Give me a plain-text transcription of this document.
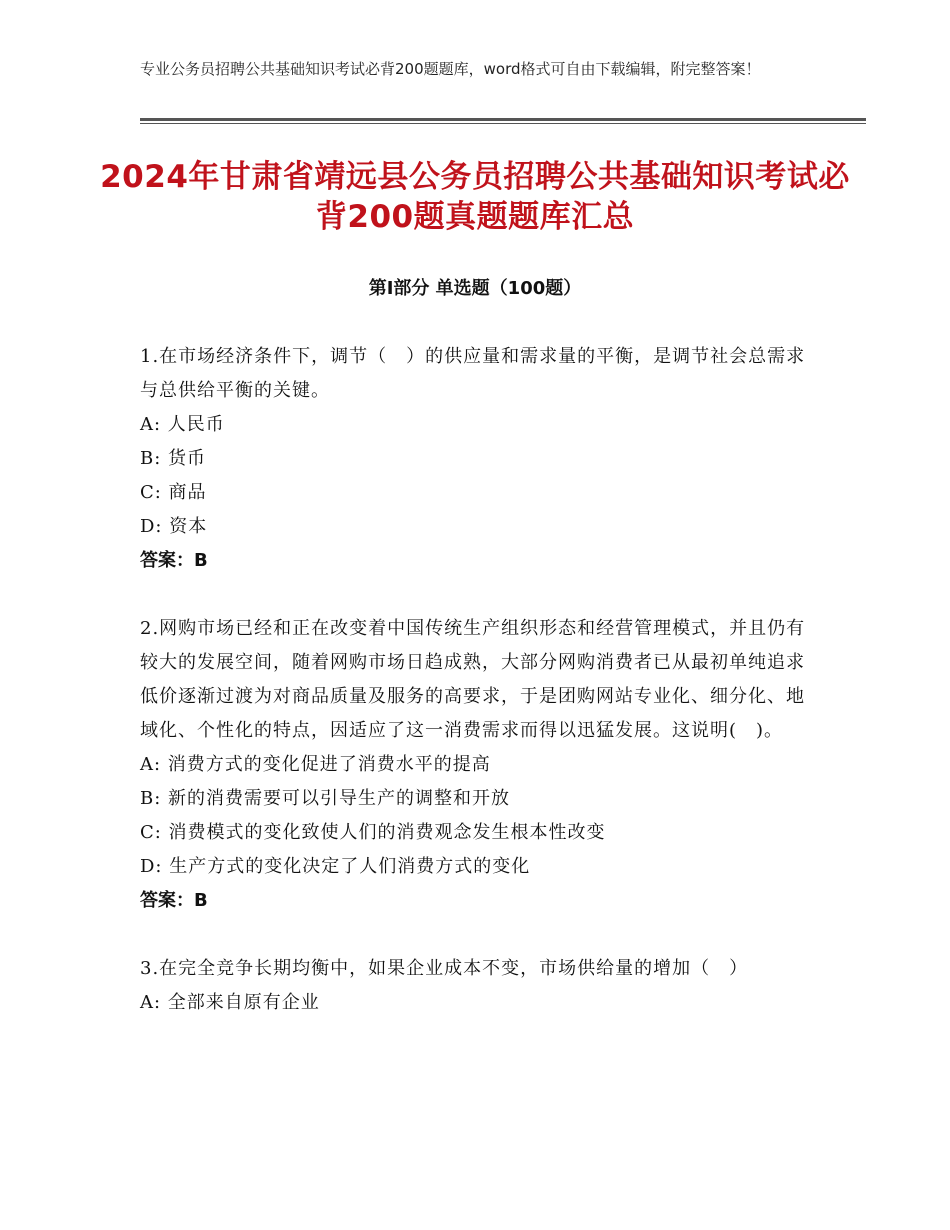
专业公务员招聘公共基础知识考试必背200题题库，word格式可自由下载编辑，附完整答案！
2024年甘肃省靖远县公务员招聘公共基础知识考试必背200题真题题库汇总
第Ⅰ部分 单选题（100题）

1.在市场经济条件下，调节（　）的供应量和需求量的平衡，是调节社会总需求与总供给平衡的关键。

A: 人民币

B: 货币

C: 商品

D: 资本

答案：B

2.网购市场已经和正在改变着中国传统生产组织形态和经营管理模式，并且仍有较大的发展空间，随着网购市场日趋成熟，大部分网购消费者已从最初单纯追求低价逐渐过渡为对商品质量及服务的高要求，于是团购网站专业化、细分化、地域化、个性化的特点，因适应了这一消费需求而得以迅猛发展。这说明(　)。

A: 消费方式的变化促进了消费水平的提高

B: 新的消费需要可以引导生产的调整和开放

C: 消费模式的变化致使人们的消费观念发生根本性改变

D: 生产方式的变化决定了人们消费方式的变化

答案：B

3.在完全竞争长期均衡中，如果企业成本不变，市场供给量的增加（　）

A: 全部来自原有企业
